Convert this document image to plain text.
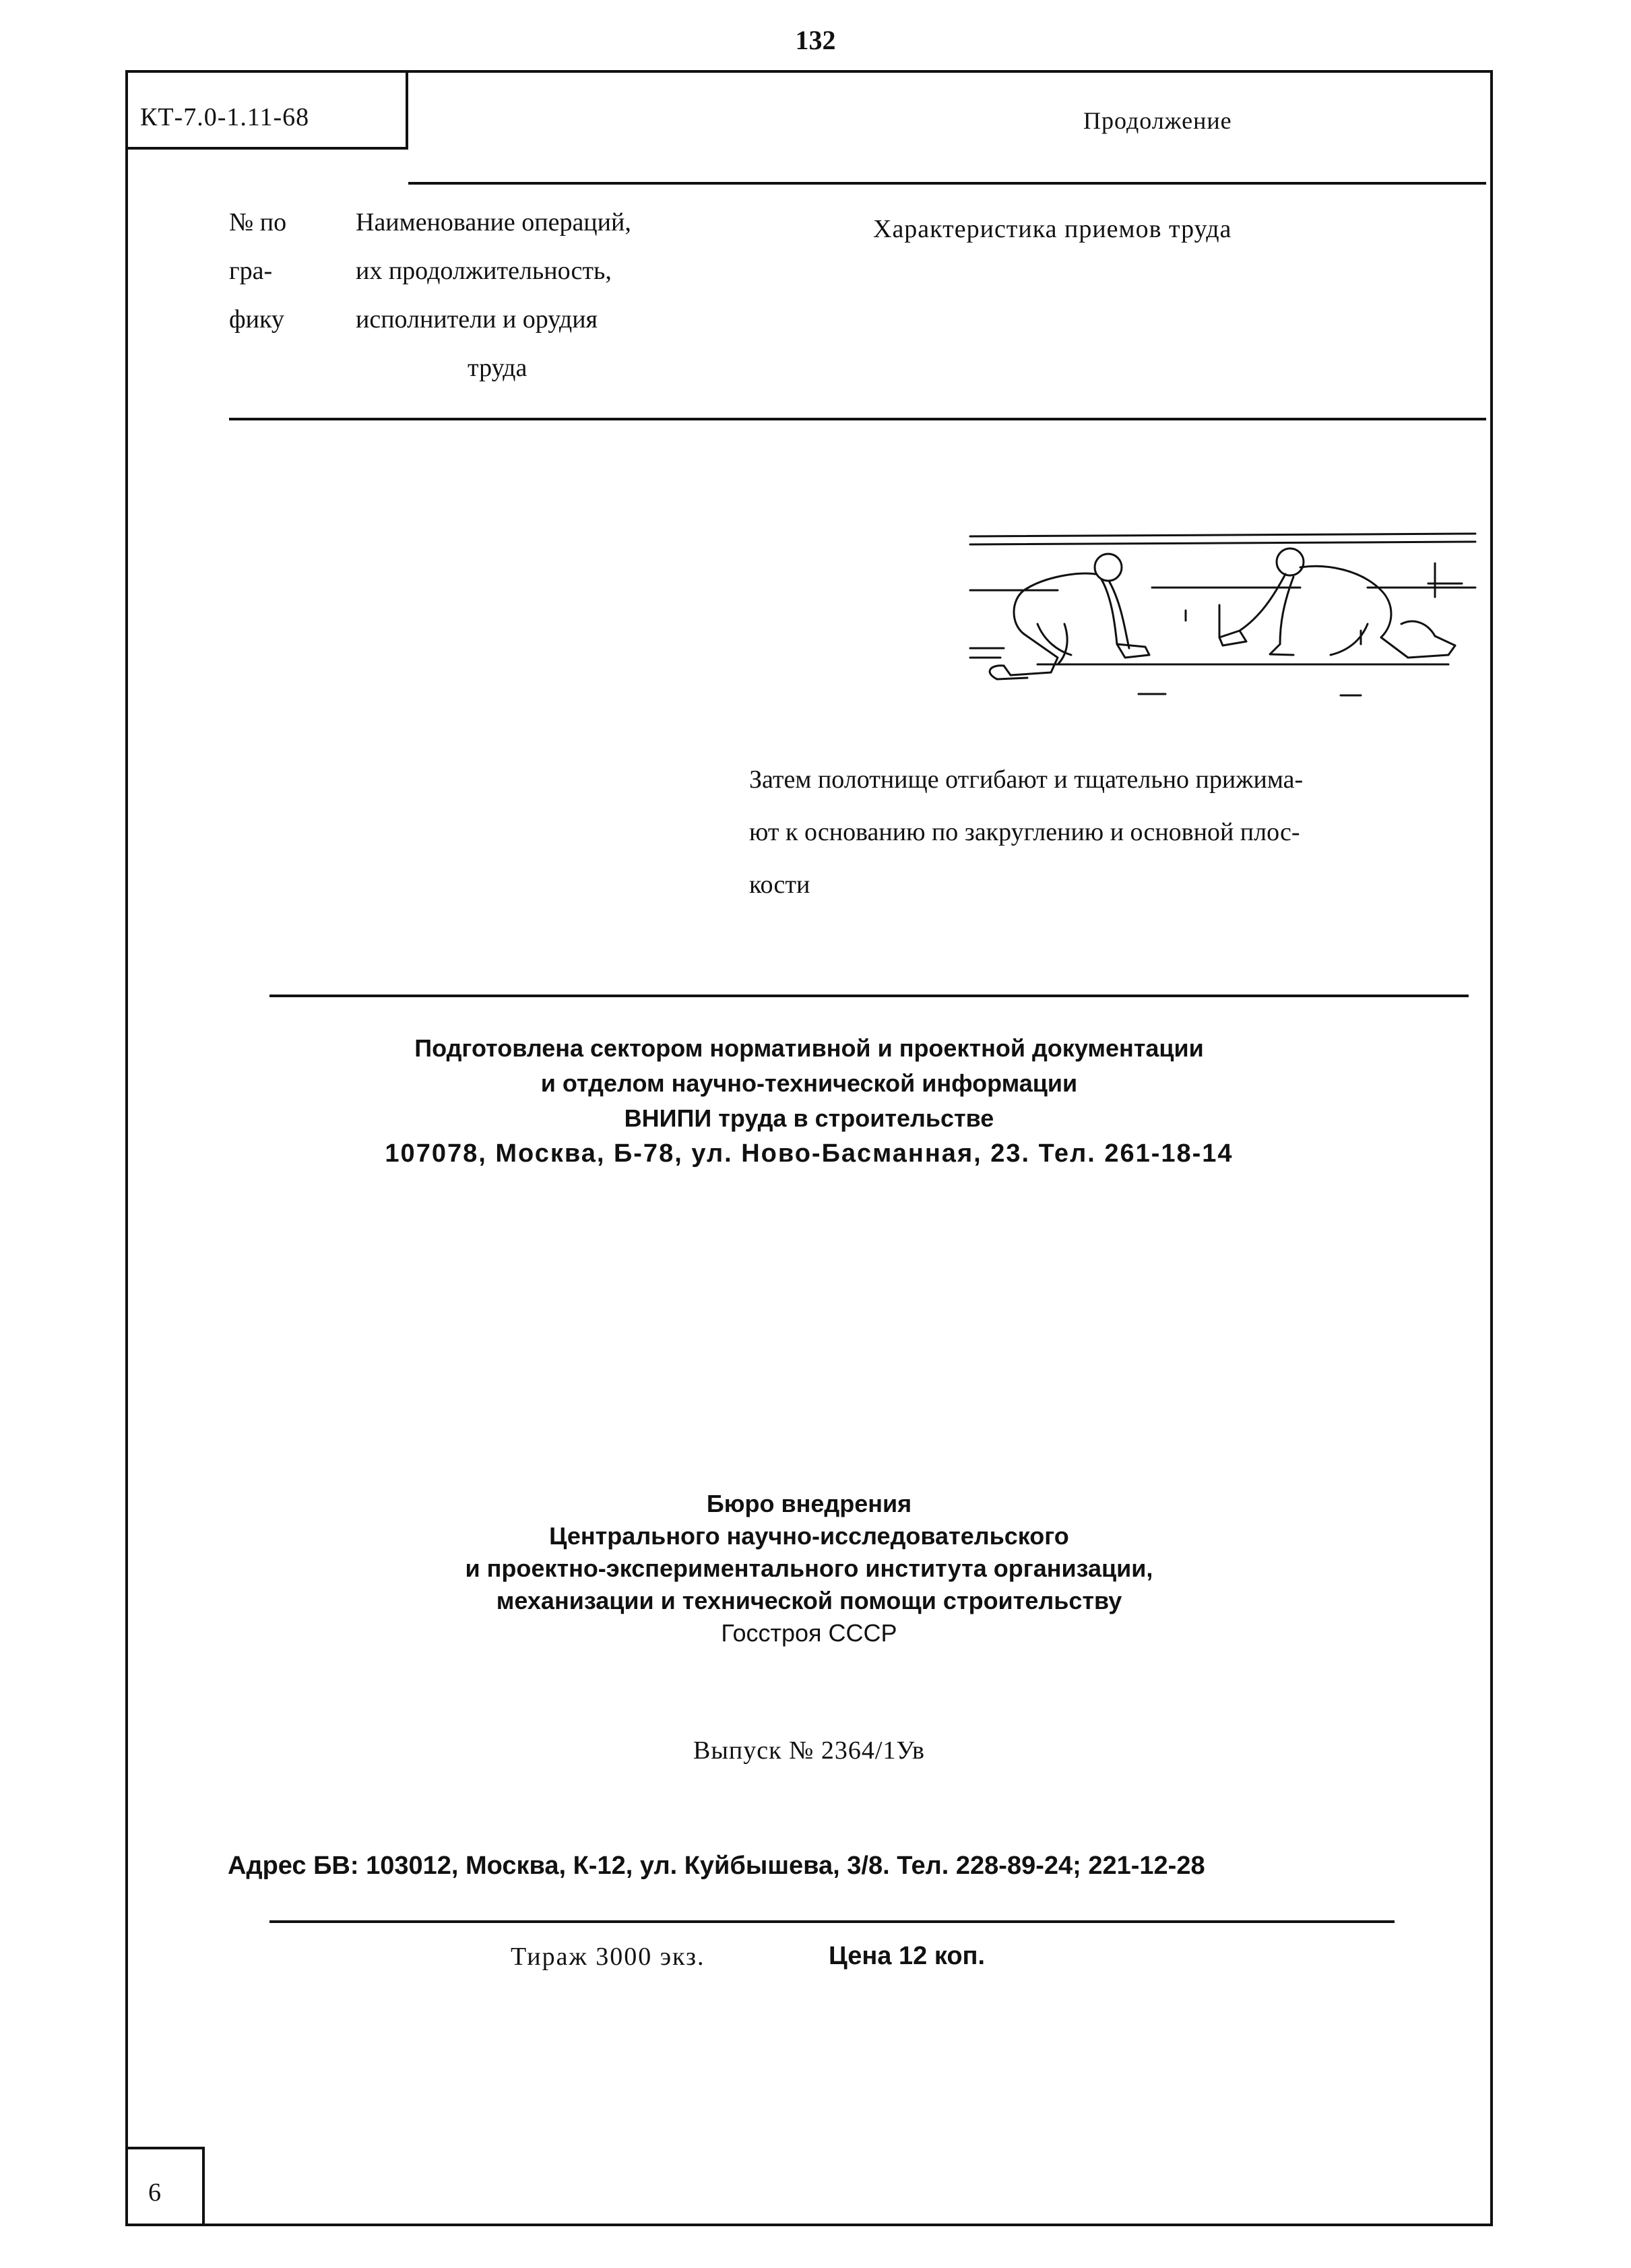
132
КТ-7.0-1.11-68	Продолжение
№ по
гра-
фику
Наименование операций,
их продолжительность,
исполнители и орудия
труда
Характеристика приемов труда
Затем полотнище отгибают и тщательно прижима-
ют к основанию по закруглению и основной плос-
кости
Подготовлена сектором нормативной и проектной документации
и отделом научно-технической информации
ВНИПИ труда в строительстве
107078, Москва, Б-78, ул. Ново-Басманная, 23. Тел. 261-18-14
Бюро внедрения
Центрального научно-исследовательского
и проектно-экспериментального института организации,
механизации и технической помощи строительству
Госстроя СССР
Выпуск № 2364/1Ув
Адрес БВ: 103012, Москва, К-12, ул. Куйбышева, 3/8. Тел. 228-89-24; 221-12-28
Тираж 3000 экз.	Цена 12 коп.
6
